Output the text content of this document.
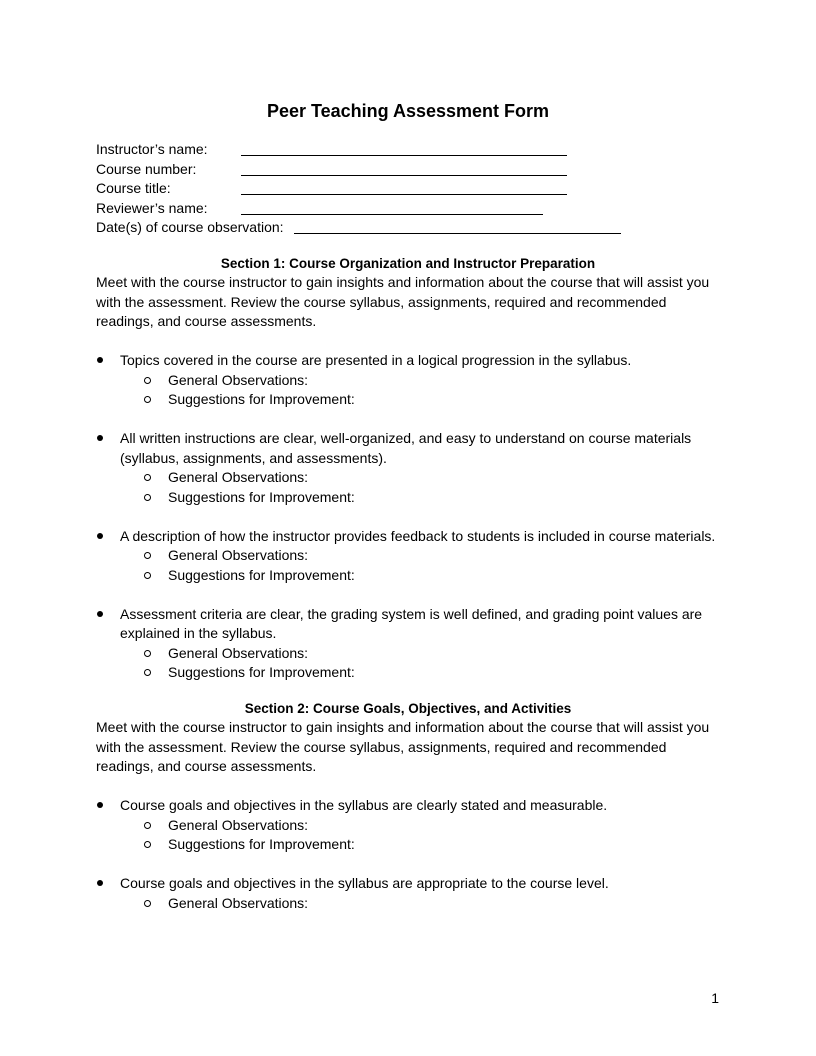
Peer Teaching Assessment Form
Instructor’s name:
Course number:
Course title:
Reviewer’s name:
Date(s) of course observation:
Section 1: Course Organization and Instructor Preparation
Meet with the course instructor to gain insights and information about the course that will assist you with the assessment. Review the course syllabus, assignments, required and recommended readings, and course assessments.
Topics covered in the course are presented in a logical progression in the syllabus.
General Observations:
Suggestions for Improvement:
All written instructions are clear, well-organized, and easy to understand on course materials (syllabus, assignments, and assessments).
General Observations:
Suggestions for Improvement:
A description of how the instructor provides feedback to students is included in course materials.
General Observations:
Suggestions for Improvement:
Assessment criteria are clear, the grading system is well defined, and grading point values are explained in the syllabus.
General Observations:
Suggestions for Improvement:
Section 2: Course Goals, Objectives, and Activities
Meet with the course instructor to gain insights and information about the course that will assist you with the assessment. Review the course syllabus, assignments, required and recommended readings, and course assessments.
Course goals and objectives in the syllabus are clearly stated and measurable.
General Observations:
Suggestions for Improvement:
Course goals and objectives in the syllabus are appropriate to the course level.
General Observations:
1
